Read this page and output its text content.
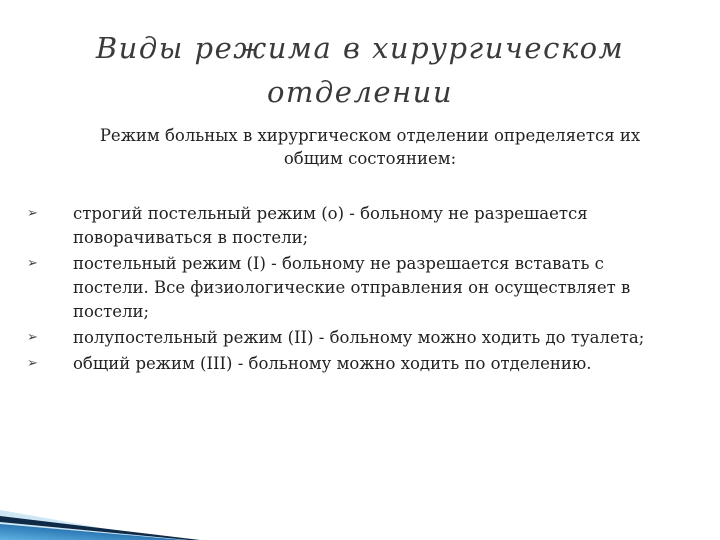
Виды режима в хирургическом
отделении
Режим больных в хирургическом отделении определяется их
общим состоянием:
➢ строгий постельный режим (о) - больному не разрешается поворачиваться в постели;
➢ постельный режим (I) - больному не разрешается вставать с постели. Все физиологические отправления он осуществляет в постели;
➢ полупостельный режим (II) - больному можно ходить до туалета;
➢ общий режим (III) - больному можно ходить по отделению.
